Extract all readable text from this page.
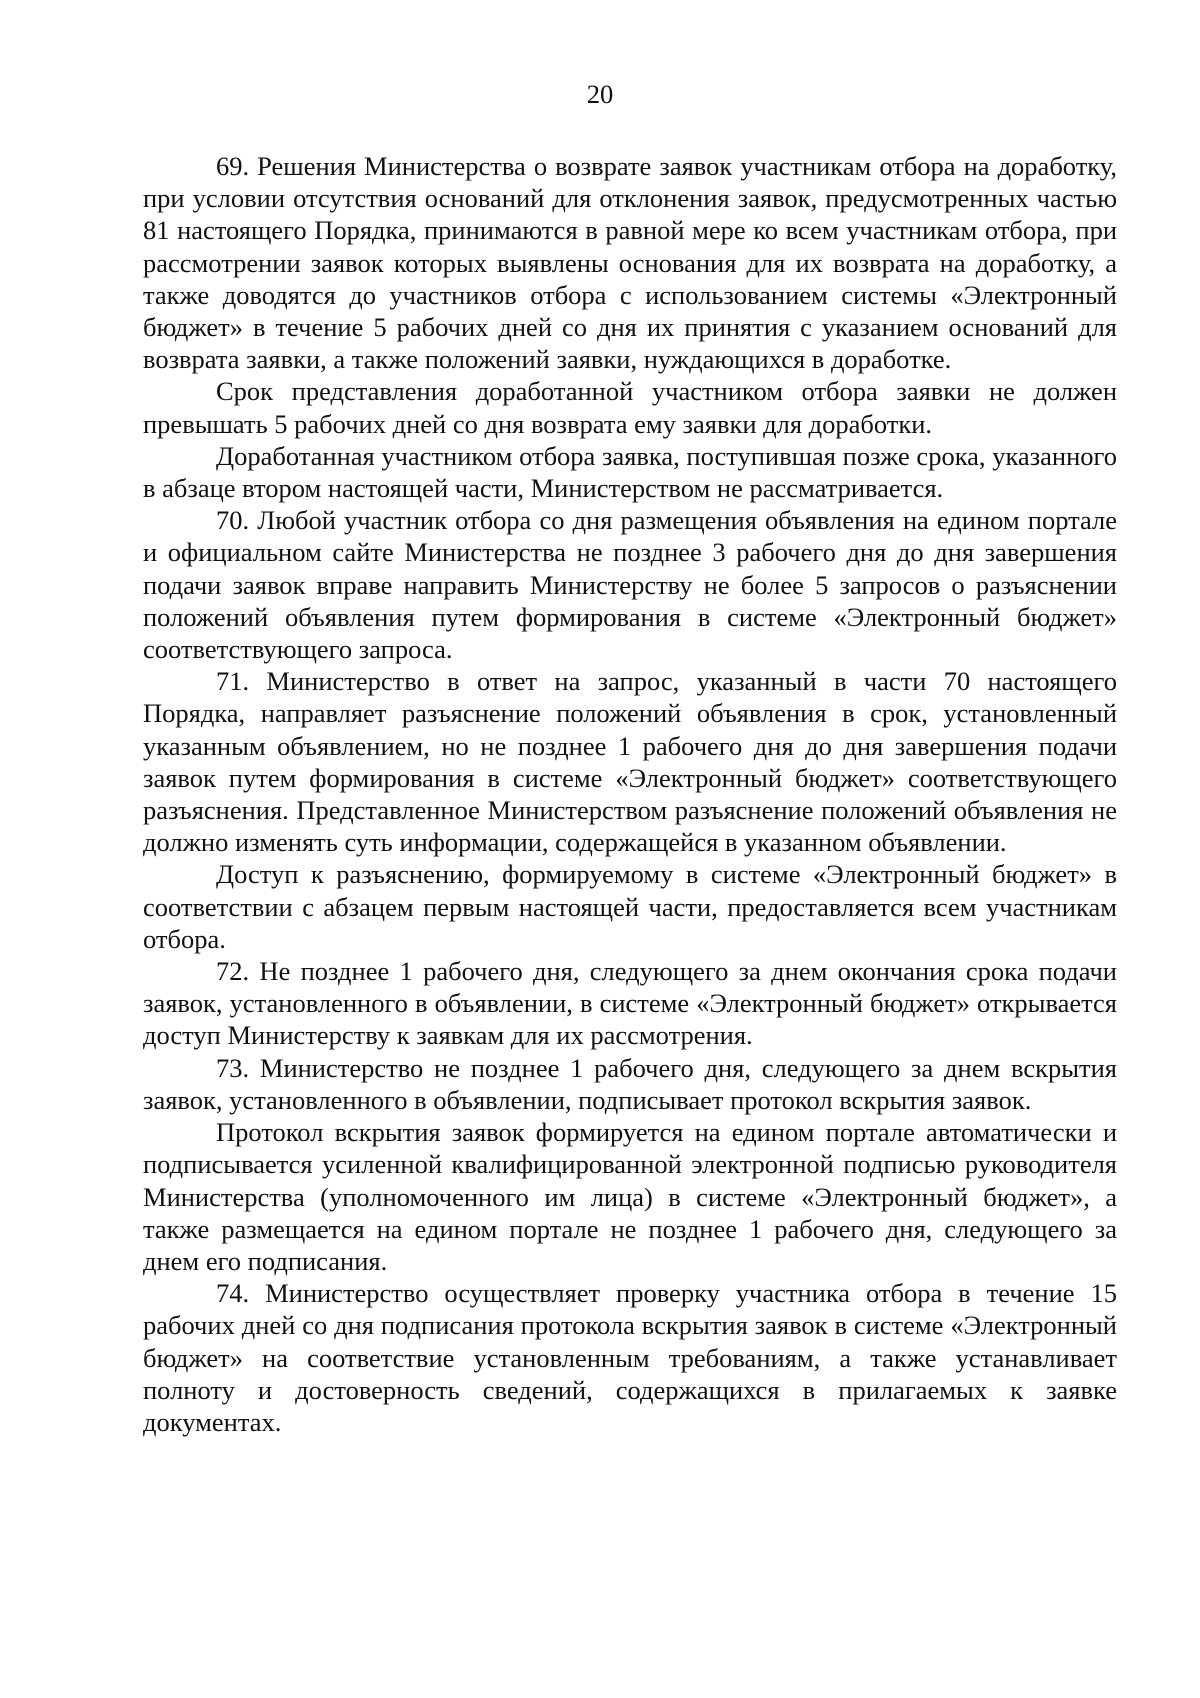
20

69. Решения Министерства о возврате заявок участникам отбора на доработку, при условии отсутствия оснований для отклонения заявок, предусмотренных частью 81 настоящего Порядка, принимаются в равной мере ко всем участникам отбора, при рассмотрении заявок которых выявлены основания для их возврата на доработку, а также доводятся до участников отбора с использованием системы «Электронный бюджет» в течение 5 рабочих дней со дня их принятия с указанием оснований для возврата заявки, а также положений заявки, нуждающихся в доработке.

Срок представления доработанной участником отбора заявки не должен превышать 5 рабочих дней со дня возврата ему заявки для доработки.

Доработанная участником отбора заявка, поступившая позже срока, указанного в абзаце втором настоящей части, Министерством не рассматривается.

70. Любой участник отбора со дня размещения объявления на едином портале и официальном сайте Министерства не позднее 3 рабочего дня до дня завершения подачи заявок вправе направить Министерству не более 5 запросов о разъяснении положений объявления путем формирования в системе «Электронный бюджет» соответствующего запроса.

71. Министерство в ответ на запрос, указанный в части 70 настоящего Порядка, направляет разъяснение положений объявления в срок, установленный указанным объявлением, но не позднее 1 рабочего дня до дня завершения подачи заявок путем формирования в системе «Электронный бюджет» соответствующего разъяснения. Представленное Министерством разъяснение положений объявления не должно изменять суть информации, содержащейся в указанном объявлении.

Доступ к разъяснению, формируемому в системе «Электронный бюджет» в соответствии с абзацем первым настоящей части, предоставляется всем участникам отбора.

72. Не позднее 1 рабочего дня, следующего за днем окончания срока подачи заявок, установленного в объявлении, в системе «Электронный бюджет» открывается доступ Министерству к заявкам для их рассмотрения.

73. Министерство не позднее 1 рабочего дня, следующего за днем вскрытия заявок, установленного в объявлении, подписывает протокол вскрытия заявок.

Протокол вскрытия заявок формируется на едином портале автоматически и подписывается усиленной квалифицированной электронной подписью руководителя Министерства (уполномоченного им лица) в системе «Электронный бюджет», а также размещается на едином портале не позднее 1 рабочего дня, следующего за днем его подписания.

74. Министерство осуществляет проверку участника отбора в течение 15 рабочих дней со дня подписания протокола вскрытия заявок в системе «Электронный бюджет» на соответствие установленным требованиям, а также устанавливает полноту и достоверность сведений, содержащихся в прилагаемых к заявке документах.
